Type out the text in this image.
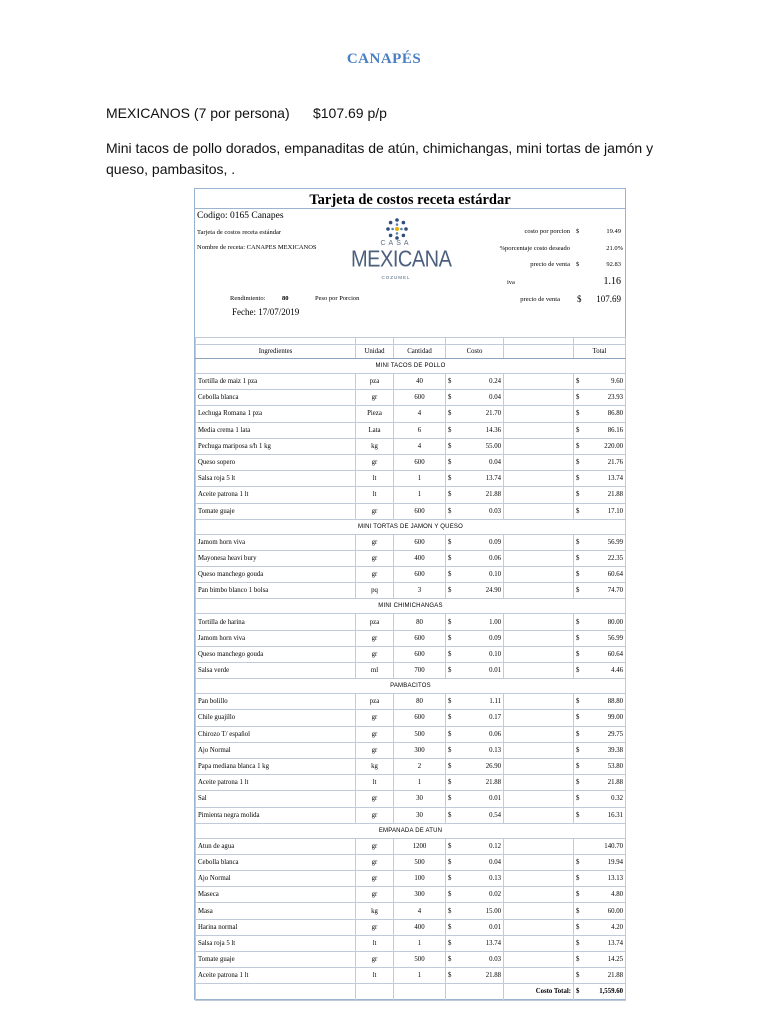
CANAPÉS
MEXICANOS (7 por persona)      $107.69 p/p
Mini tacos de pollo dorados, empanaditas de atún, chimichangas, mini tortas de jamón y queso, pambasitos, .
Tarjeta de costos receta estárdar
Codigo: 0165 Canapes
Tarjeta de costos receta estándar
Nombre de receta: CANAPES MEXICANOS
CASA
MEXICANA
COZUMEL
costo por porcion $	19.49
%porcentaje costo deseado	21.0%
precio de venta $	92.83
iva	1.16
precio de venta $	107.69
Rendimiento:	80	Peso por Porcion
Feche: 17/07/2019

Ingredientes	Unidad	Cantidad	Costo		Total
MINI TACOS DE POLLO					
Tortilla de maiz 1 pza	pza	40	$ 0.24		$ 9.60

Cebolla blanca	gr	600	$ 0.04		$ 23.93

Lechuga Romana 1 pza	Pieza	4	$ 21.70		$ 86.80

Media crema 1 lata	Lata	6	$ 14.36		$ 86.16

Pechuga mariposa s/h 1 kg	kg	4	$ 55.00		$ 220.00

Queso sopero	gr	600	$ 0.04		$ 21.76

Salsa roja 5 lt	lt	1	$ 13.74		$ 13.74

Aceite patrona 1 lt	lt	1	$ 21.88		$ 21.88

Tomate guaje	gr	600	$ 0.03		$ 17.10

MINI TORTAS DE JAMON Y QUESO					
Jamom horn viva	gr	600	$ 0.09		$ 56.99

Mayonesa heavi bury	gr	400	$ 0.06		$ 22.35

Queso manchego gouda	gr	600	$ 0.10		$ 60.64

Pan bimbo blanco 1 bolsa	pq	3	$ 24.90		$ 74.70

MINI CHIMICHANGAS					
Tortilla de harina	pza	80	$ 1.00		$ 80.00

Jamom horn viva	gr	600	$ 0.09		$ 56.99

Queso manchego gouda	gr	600	$ 0.10		$ 60.64

Salsa verde	ml	700	$ 0.01		$ 4.46

PAMBACITOS					
Pan bolillo	pza	80	$ 1.11		$ 88.80

Chile guajillo	gr	600	$ 0.17		$ 99.00

Chirozo T/ español	gr	500	$ 0.06		$ 29.75

Ajo Normal	gr	300	$ 0.13		$ 39.38

Papa mediana blanca 1 kg	kg	2	$ 26.90		$ 53.80

Aceite patrona 1 lt	lt	1	$ 21.88		$ 21.88

Sal	gr	30	$ 0.01		$ 0.32

Pimienta negra molida	gr	30	$ 0.54		$ 16.31

EMPANADA DE ATUN					
Atun de agua	gr	1200	$ 0.12		140.70

Cebolla blanca	gr	500	$ 0.04		$ 19.94

Ajo Normal	gr	100	$ 0.13		$ 13.13

Maseca	gr	300	$ 0.02		$ 4.80

Masa	kg	4	$ 15.00		$ 60.00

Harina normal	gr	400	$ 0.01		$ 4.20

Salsa roja 5 lt	lt	1	$ 13.74		$ 13.74

Tomate guaje	gr	500	$ 0.03		$ 14.25

Aceite patrona 1 lt	lt	1	$ 21.88		$ 21.88

				Costo Total:	$ 1,559.60
